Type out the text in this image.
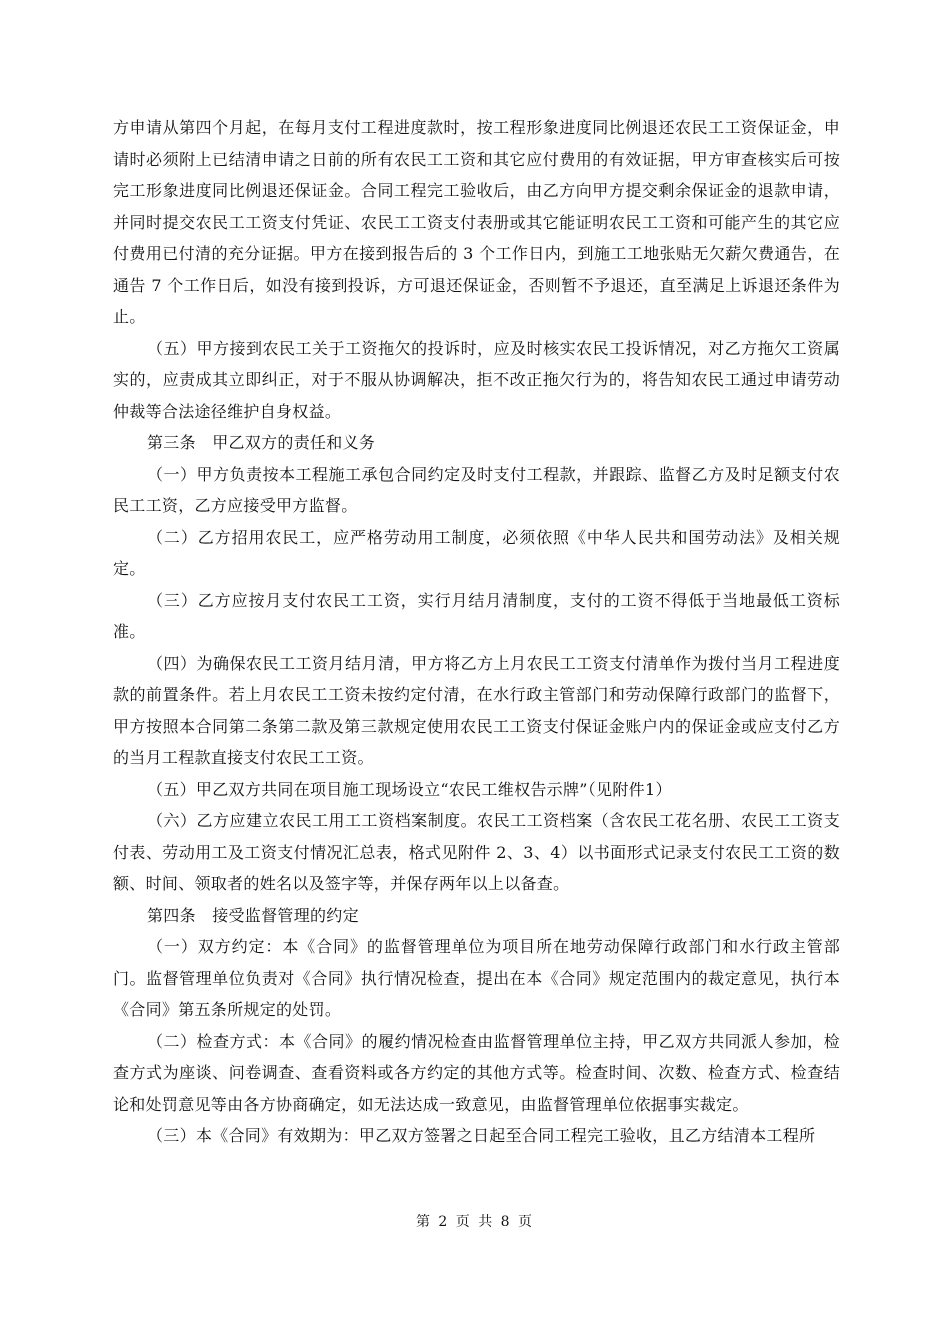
方申请从第四个月起，在每月支付工程进度款时，按工程形象进度同比例退还农民工工资保证金，申请时必须附上已结清申请之日前的所有农民工工资和其它应付费用的有效证据，甲方审查核实后可按完工形象进度同比例退还保证金。合同工程完工验收后，由乙方向甲方提交剩余保证金的退款申请，并同时提交农民工工资支付凭证、农民工工资支付表册或其它能证明农民工工资和可能产生的其它应付费用已付清的充分证据。甲方在接到报告后的 3 个工作日内，到施工工地张贴无欠薪欠费通告，在通告 7 个工作日后，如没有接到投诉，方可退还保证金，否则暂不予退还，直至满足上诉退还条件为止。

（五）甲方接到农民工关于工资拖欠的投诉时，应及时核实农民工投诉情况，对乙方拖欠工资属实的，应责成其立即纠正，对于不服从协调解决，拒不改正拖欠行为的，将告知农民工通过申请劳动仲裁等合法途径维护自身权益。

第三条　甲乙双方的责任和义务

（一）甲方负责按本工程施工承包合同约定及时支付工程款，并跟踪、监督乙方及时足额支付农民工工资，乙方应接受甲方监督。

（二）乙方招用农民工，应严格劳动用工制度，必须依照《中华人民共和国劳动法》及相关规定。

（三）乙方应按月支付农民工工资，实行月结月清制度，支付的工资不得低于当地最低工资标准。

（四）为确保农民工工资月结月清，甲方将乙方上月农民工工资支付清单作为拨付当月工程进度款的前置条件。若上月农民工工资未按约定付清，在水行政主管部门和劳动保障行政部门的监督下，甲方按照本合同第二条第二款及第三款规定使用农民工工资支付保证金账户内的保证金或应支付乙方的当月工程款直接支付农民工工资。

（五）甲乙双方共同在项目施工现场设立“农民工维权告示牌”（见附件1）

（六）乙方应建立农民工用工工资档案制度。农民工工资档案（含农民工花名册、农民工工资支付表、劳动用工及工资支付情况汇总表，格式见附件 2、3、4）以书面形式记录支付农民工工资的数额、时间、领取者的姓名以及签字等，并保存两年以上以备查。

第四条　接受监督管理的约定

（一）双方约定：本《合同》的监督管理单位为项目所在地劳动保障行政部门和水行政主管部门。监督管理单位负责对《合同》执行情况检查，提出在本《合同》规定范围内的裁定意见，执行本《合同》第五条所规定的处罚。

（二）检查方式：本《合同》的履约情况检查由监督管理单位主持，甲乙双方共同派人参加，检查方式为座谈、问卷调查、查看资料或各方约定的其他方式等。检查时间、次数、检查方式、检查结论和处罚意见等由各方协商确定，如无法达成一致意见，由监督管理单位依据事实裁定。

（三）本《合同》有效期为：甲乙双方签署之日起至合同工程完工验收，且乙方结清本工程所

第 2 页 共 8 页
